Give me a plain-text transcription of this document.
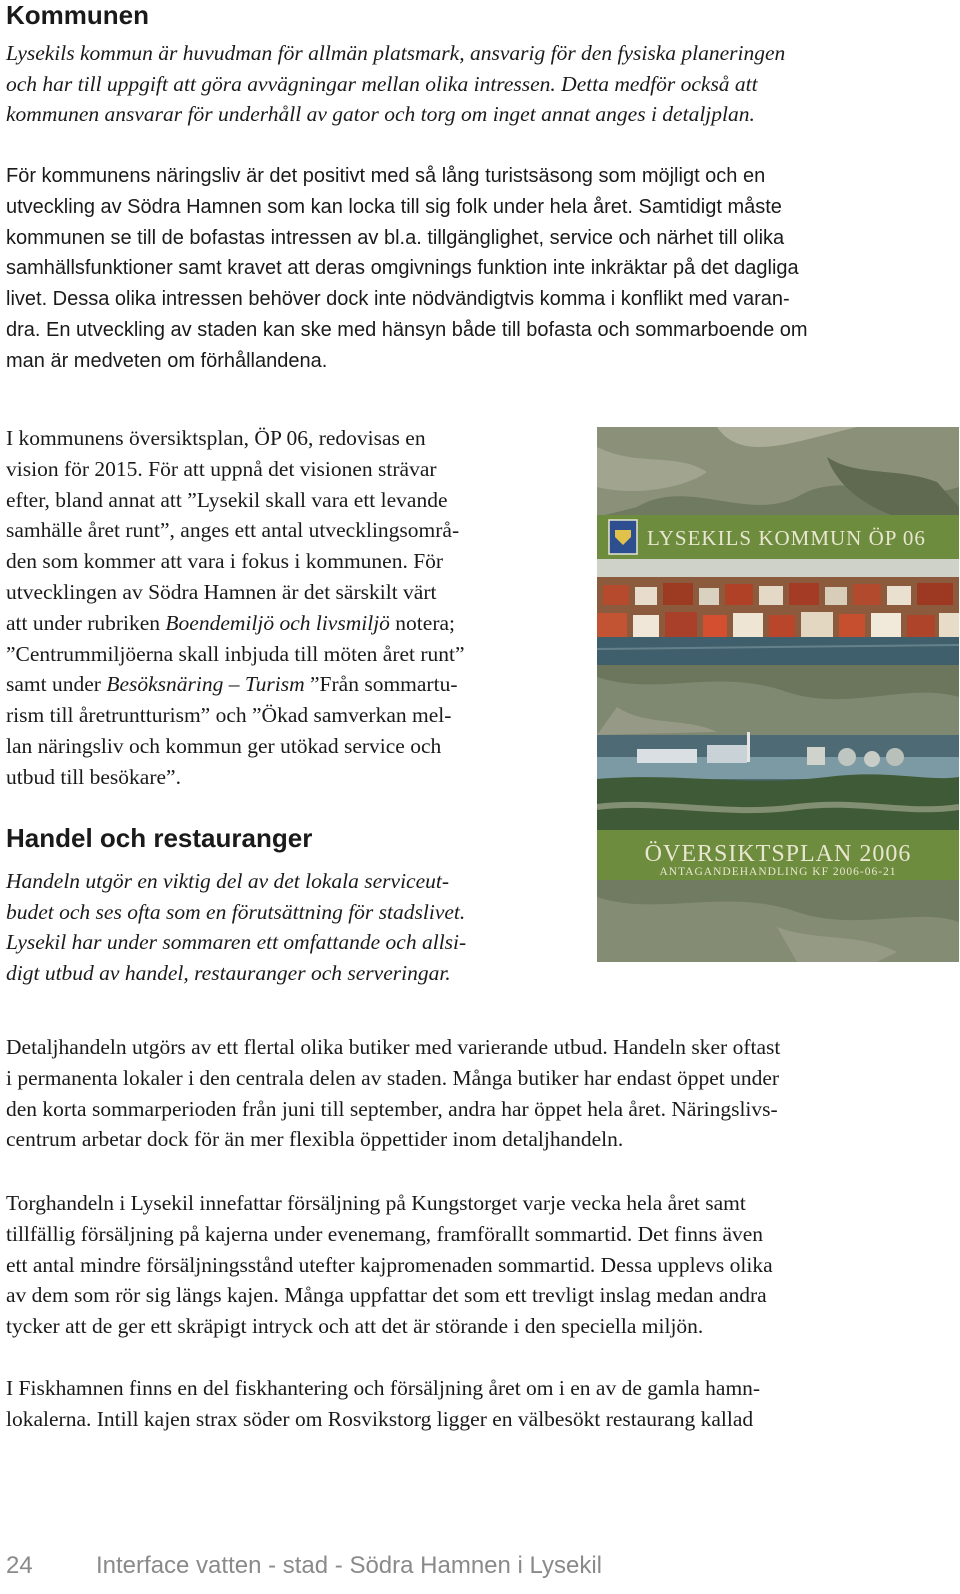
Kommunen
Lysekils kommun är huvudman för allmän platsmark, ansvarig för den fysiska planeringen
och har till uppgift att göra avvägningar mellan olika intressen. Detta medför också att
kommunen ansvarar för underhåll av gator och torg om inget annat anges i detaljplan.
För kommunens näringsliv är det positivt med så lång turistsäsong som möjligt och en
utveckling av Södra Hamnen som kan locka till sig folk under hela året. Samtidigt måste
kommunen se till de bofastas intressen av bl.a. tillgänglighet, service och närhet till olika
samhällsfunktioner samt kravet att deras omgivnings funktion inte inkräktar på det dagliga
livet. Dessa olika intressen behöver dock inte nödvändigtvis komma i konflikt med varan-
dra. En utveckling av staden kan ske med hänsyn både till bofasta och sommarboende om
man är medveten om förhållandena.
I kommunens översiktsplan, ÖP 06, redovisas en
vision för 2015. För att uppnå det visionen strävar
efter, bland annat att ”Lysekil skall vara ett levande
samhälle året runt”, anges ett antal utvecklingsområ-
den som kommer att vara i fokus i kommunen. För
utvecklingen av Södra Hamnen är det särskilt värt
att under rubriken Boendemiljö och livsmiljö notera;
”Centrummiljöerna skall inbjuda till möten året runt”
samt under Besöksnäring – Turism ”Från sommartu-
rism till åretruntturism” och ”Ökad samverkan mel-
lan näringsliv och kommun ger utökad service och
utbud till besökare”.
Handel och restauranger
Handeln utgör en viktig del av det lokala serviceut-
budet och ses ofta som en förutsättning för stadslivet.
Lysekil har under sommaren ett omfattande och allsi-
digt utbud av handel, restauranger och serveringar.
Detaljhandeln utgörs av ett flertal olika butiker med varierande utbud. Handeln sker oftast
i permanenta lokaler i den centrala delen av staden. Många butiker har endast öppet under
den korta sommarperioden från juni till september, andra har öppet hela året. Näringslivs-
centrum arbetar dock för än mer flexibla öppettider inom detaljhandeln.
Torghandeln i Lysekil innefattar försäljning på Kungstorget varje vecka hela året samt
tillfällig försäljning på kajerna under evenemang, framförallt sommartid. Det finns även
ett antal mindre försäljningsstånd utefter kajpromenaden sommartid. Dessa upplevs olika
av dem som rör sig längs kajen. Många uppfattar det som ett trevligt inslag medan andra
tycker att de ger ett skräpigt intryck och att det är störande i den speciella miljön.
I Fiskhamnen finns en del fiskhantering och försäljning året om i en av de gamla hamn-
lokalerna. Intill kajen strax söder om Rosvikstorg ligger en välbesökt restaurang kallad
LYSEKILS KOMMUN ÖP 06
ÖVERSIKTSPLAN 2006
ANTAGANDEHANDLING KF 2006-06-21
24	Interface vatten - stad - Södra Hamnen i Lysekil
